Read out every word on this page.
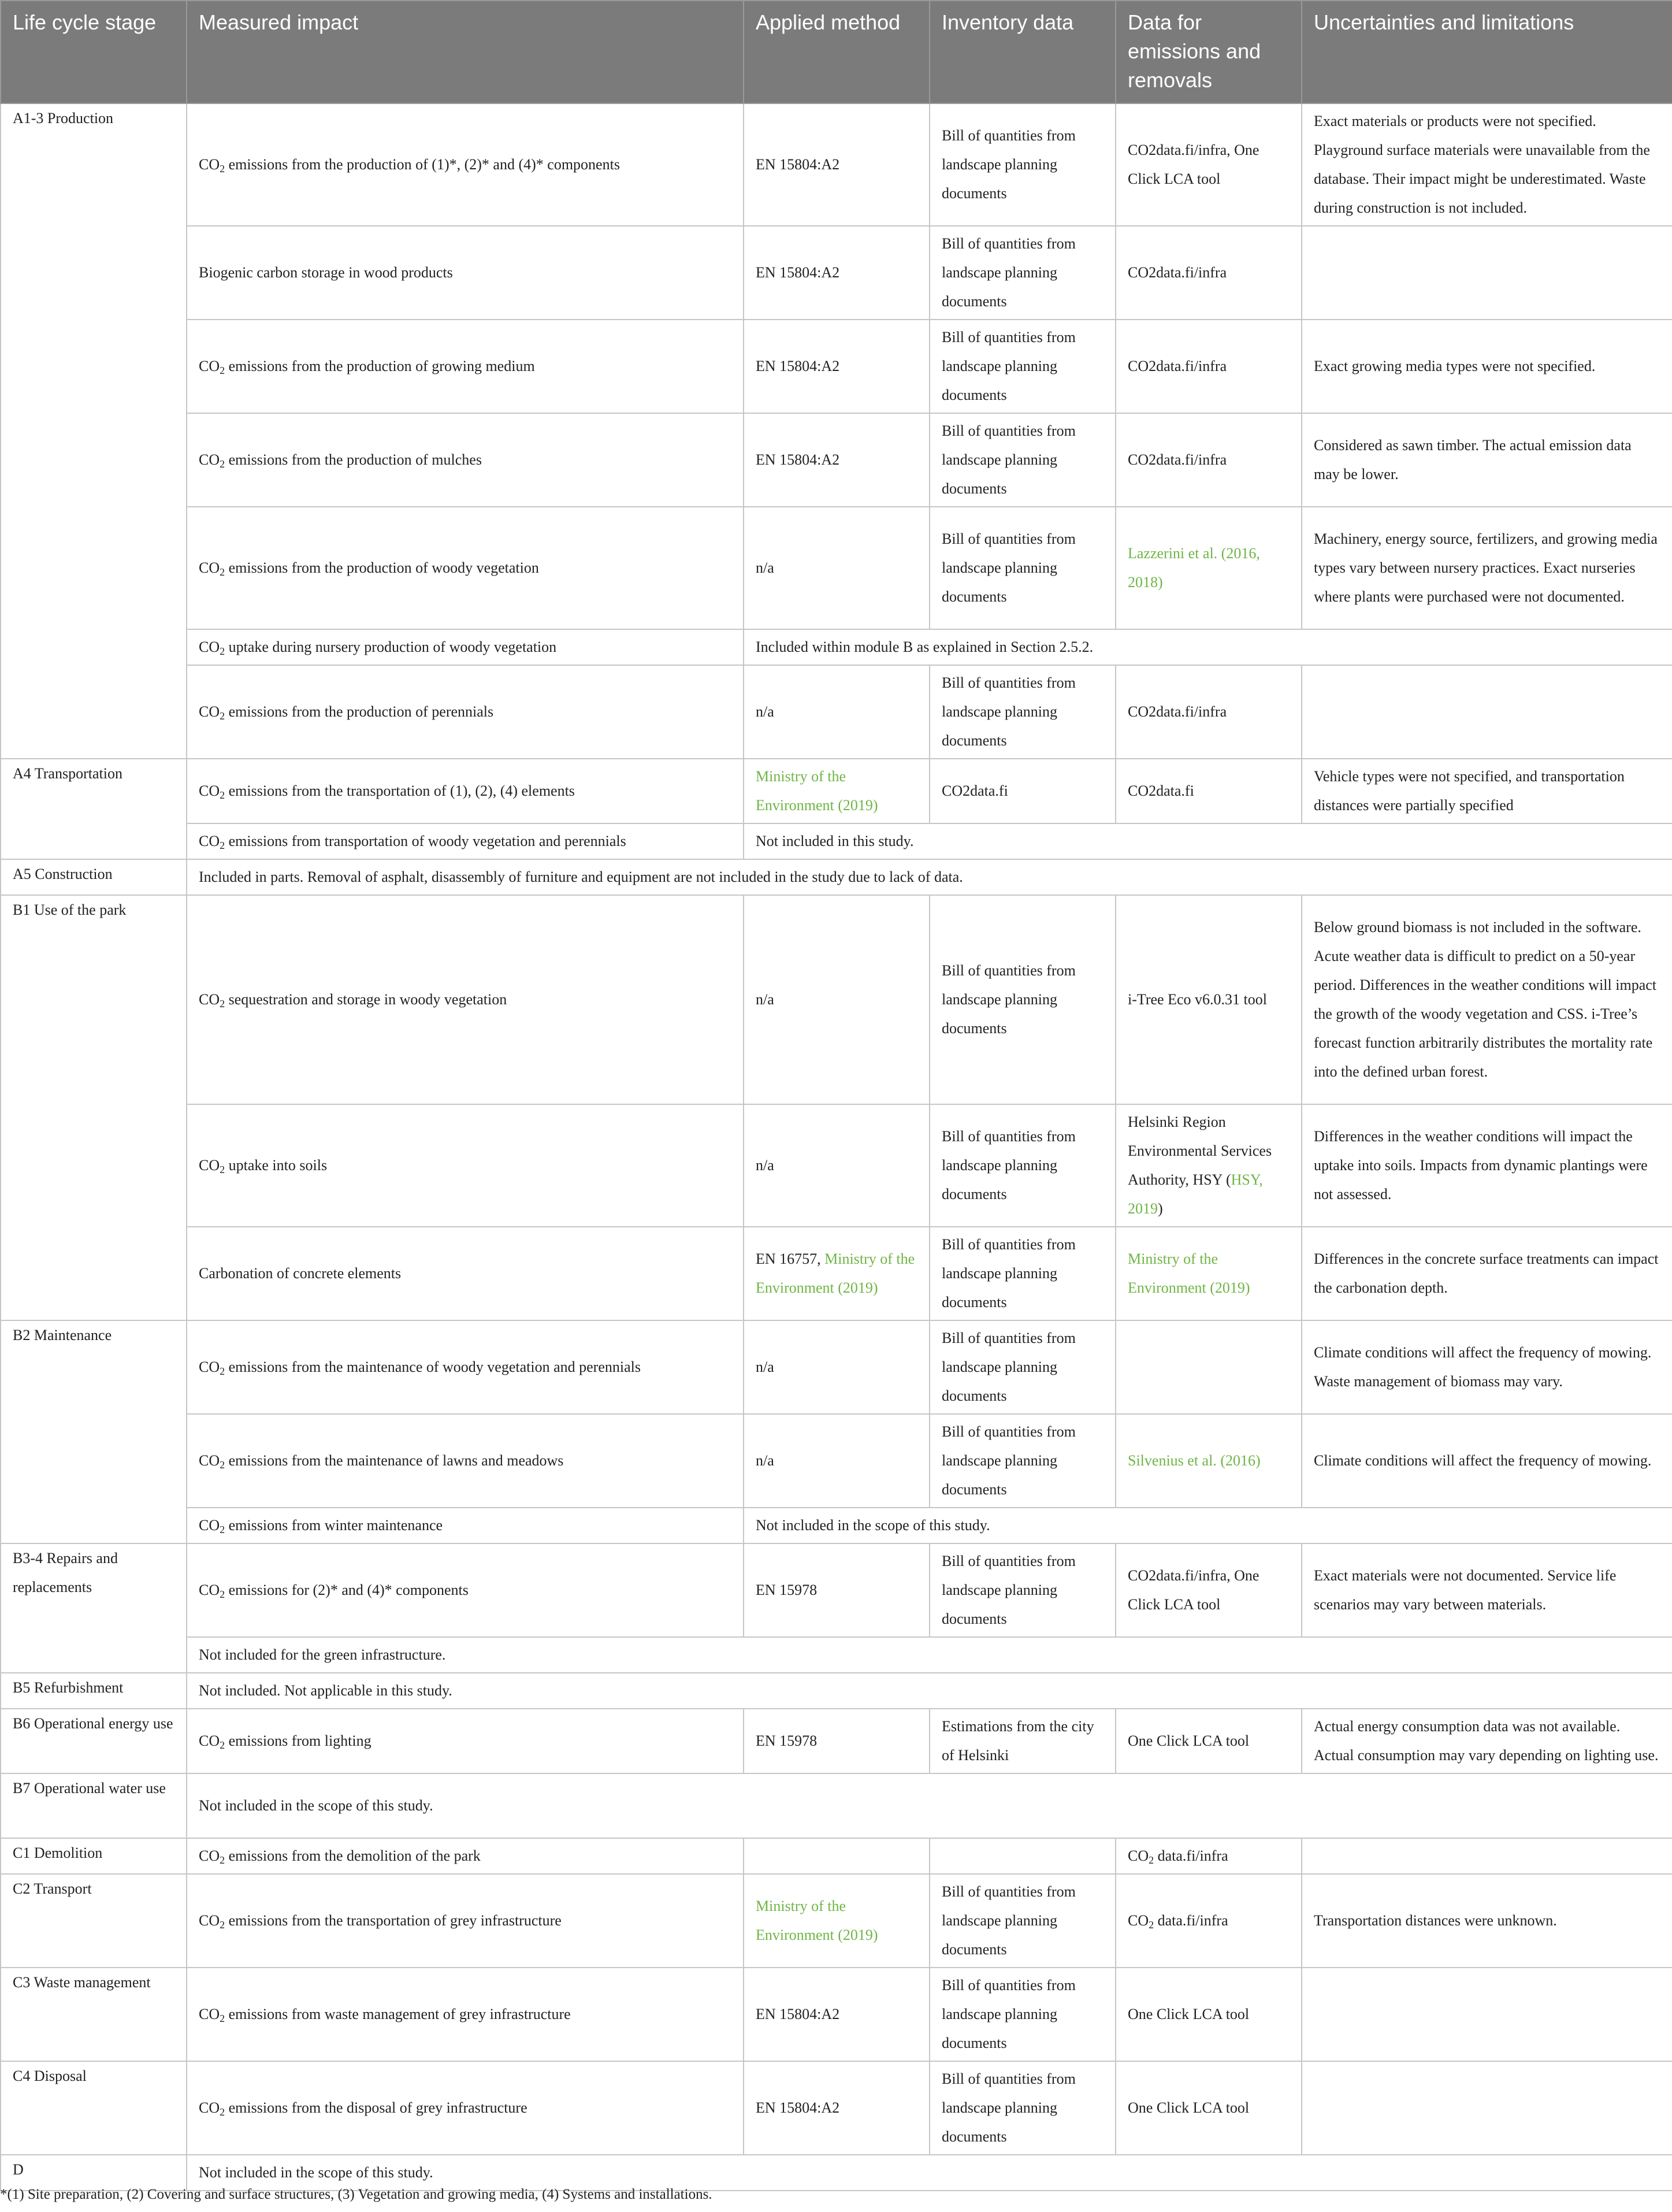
Life cycle stage	Measured impact	Applied method	Inventory data	Data for emissions and removals	Uncertainties and limitations
A1-3 Production	$CO_2$ emissions from the production of (1)*, (2)* and (4)* components	EN 15804:A2	Bill of quantities from landscape planning documents	CO2data.fi/infra, One Click LCA tool	Exact materials or products were not specified. Playground surface materials were unavailable from the database. Their impact might be underestimated. Waste during construction is not included.
	Biogenic carbon storage in wood products	EN 15804:A2	Bill of quantities from landscape planning documents	CO2data.fi/infra	
	$CO_2$ emissions from the production of growing medium	EN 15804:A2	Bill of quantities from landscape planning documents	CO2data.fi/infra	Exact growing media types were not specified.
	$CO_2$ emissions from the production of mulches	EN 15804:A2	Bill of quantities from landscape planning documents	CO2data.fi/infra	Considered as sawn timber. The actual emission data may be lower.
	$CO_2$ emissions from the production of woody vegetation	n/a	Bill of quantities from landscape planning documents	Lazzerini et al. (2016, 2018)	Machinery, energy source, fertilizers, and growing media types vary between nursery practices. Exact nurseries where plants were purchased were not documented.
	$CO_2$ uptake during nursery production of woody vegetation	Included within module B as explained in Section 2.5.2.			
	$CO_2$ emissions from the production of perennials	n/a	Bill of quantities from landscape planning documents	CO2data.fi/infra	
A4 Transportation	$CO_2$ emissions from the transportation of (1), (2), (4) elements	Ministry of the Environment (2019)	CO2data.fi	CO2data.fi	Vehicle types were not specified, and transportation distances were partially specified
	$CO_2$ emissions from transportation of woody vegetation and perennials	Not included in this study.			
A5 Construction	Included in parts. Removal of asphalt, disassembly of furniture and equipment are not included in the study due to lack of data.				
B1 Use of the park	$CO_2$ sequestration and storage in woody vegetation	n/a	Bill of quantities from landscape planning documents	i-Tree Eco v6.0.31 tool	Below ground biomass is not included in the software. Acute weather data is difficult to predict on a 50-year period. Differences in the weather conditions will impact the growth of the woody vegetation and CSS. i-Tree’s forecast function arbitrarily distributes the mortality rate into the defined urban forest.
	$CO_2$ uptake into soils	n/a	Bill of quantities from landscape planning documents	Helsinki Region Environmental Services Authority, HSY (HSY, 2019)	Differences in the weather conditions will impact the uptake into soils. Impacts from dynamic plantings were not assessed.
	Carbonation of concrete elements	EN 16757, Ministry of the Environment (2019)	Bill of quantities from landscape planning documents	Ministry of the Environment (2019)	Differences in the concrete surface treatments can impact the carbonation depth.
B2 Maintenance	$CO_2$ emissions from the maintenance of woody vegetation and perennials	n/a	Bill of quantities from landscape planning documents		Climate conditions will affect the frequency of mowing. Waste management of biomass may vary.
	$CO_2$ emissions from the maintenance of lawns and meadows	n/a	Bill of quantities from landscape planning documents	Silvenius et al. (2016)	Climate conditions will affect the frequency of mowing.
	$CO_2$ emissions from winter maintenance	Not included in the scope of this study.			
B3-4 Repairs and replacements	$CO_2$ emissions for (2)* and (4)* components	EN 15978	Bill of quantities from landscape planning documents	CO2data.fi/infra, One Click LCA tool	Exact materials were not documented. Service life scenarios may vary between materials.
	Not included for the green infrastructure.				
B5 Refurbishment	Not included. Not applicable in this study.				
B6 Operational energy use	$CO_2$ emissions from lighting	EN 15978	Estimations from the city of Helsinki	One Click LCA tool	Actual energy consumption data was not available. Actual consumption may vary depending on lighting use.
B7 Operational water use	Not included in the scope of this study.				
C1 Demolition	$CO_2$ emissions from the demolition of the park			$CO_2$ data.fi/infra	
C2 Transport	$CO_2$ emissions from the transportation of grey infrastructure	Ministry of the Environment (2019)	Bill of quantities from landscape planning documents	$CO_2$ data.fi/infra	Transportation distances were unknown.
C3 Waste management	$CO_2$ emissions from waste management of grey infrastructure	EN 15804:A2	Bill of quantities from landscape planning documents	One Click LCA tool	
C4 Disposal	$CO_2$ emissions from the disposal of grey infrastructure	EN 15804:A2	Bill of quantities from landscape planning documents	One Click LCA tool	
D	Not included in the scope of this study.				
*(1) Site preparation, (2) Covering and surface structures, (3) Vegetation and growing media, (4) Systems and installations.
